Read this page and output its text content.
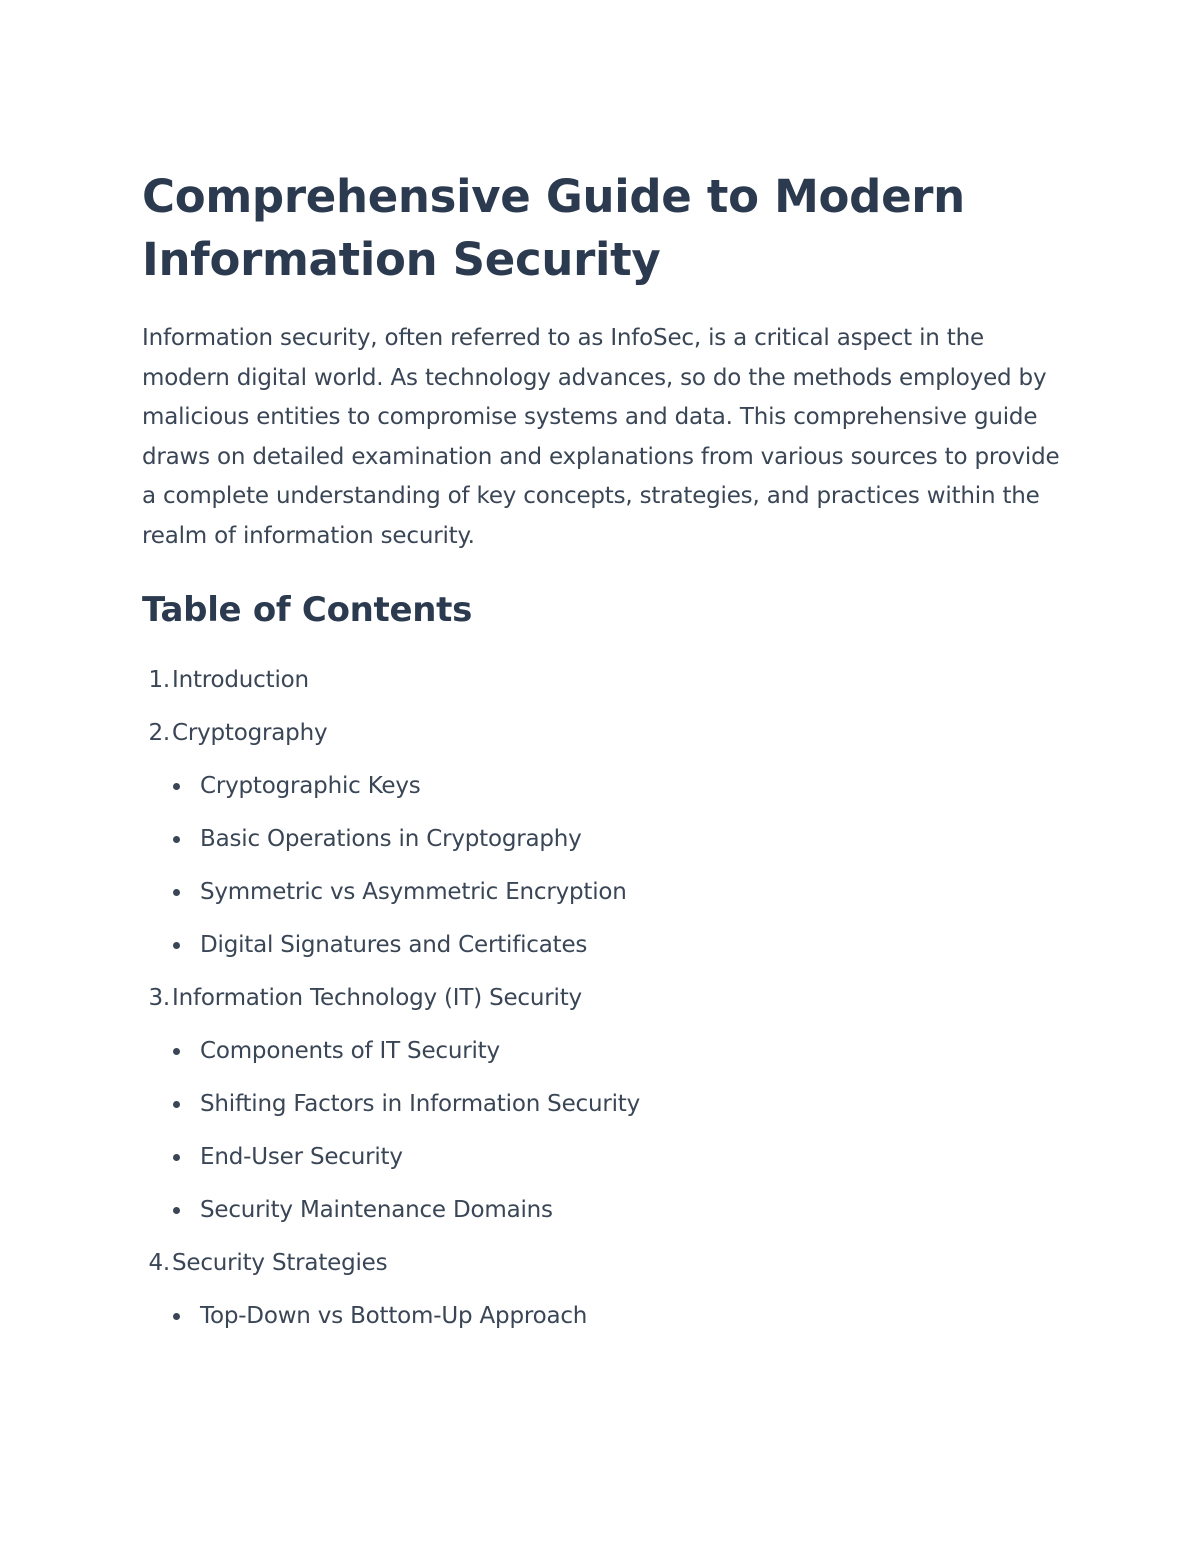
Comprehensive Guide to Modern Information Security

Information security, often referred to as InfoSec, is a critical aspect in the modern digital world. As technology advances, so do the methods employed by malicious entities to compromise systems and data. This comprehensive guide draws on detailed examination and explanations from various sources to provide a complete understanding of key concepts, strategies, and practices within the realm of information security.

Table of Contents
1.Introduction
2.Cryptography
Cryptographic Keys
Basic Operations in Cryptography
Symmetric vs Asymmetric Encryption
Digital Signatures and Certificates
3.Information Technology (IT) Security
Components of IT Security
Shifting Factors in Information Security
End-User Security
Security Maintenance Domains
4.Security Strategies
Top-Down vs Bottom-Up Approach
